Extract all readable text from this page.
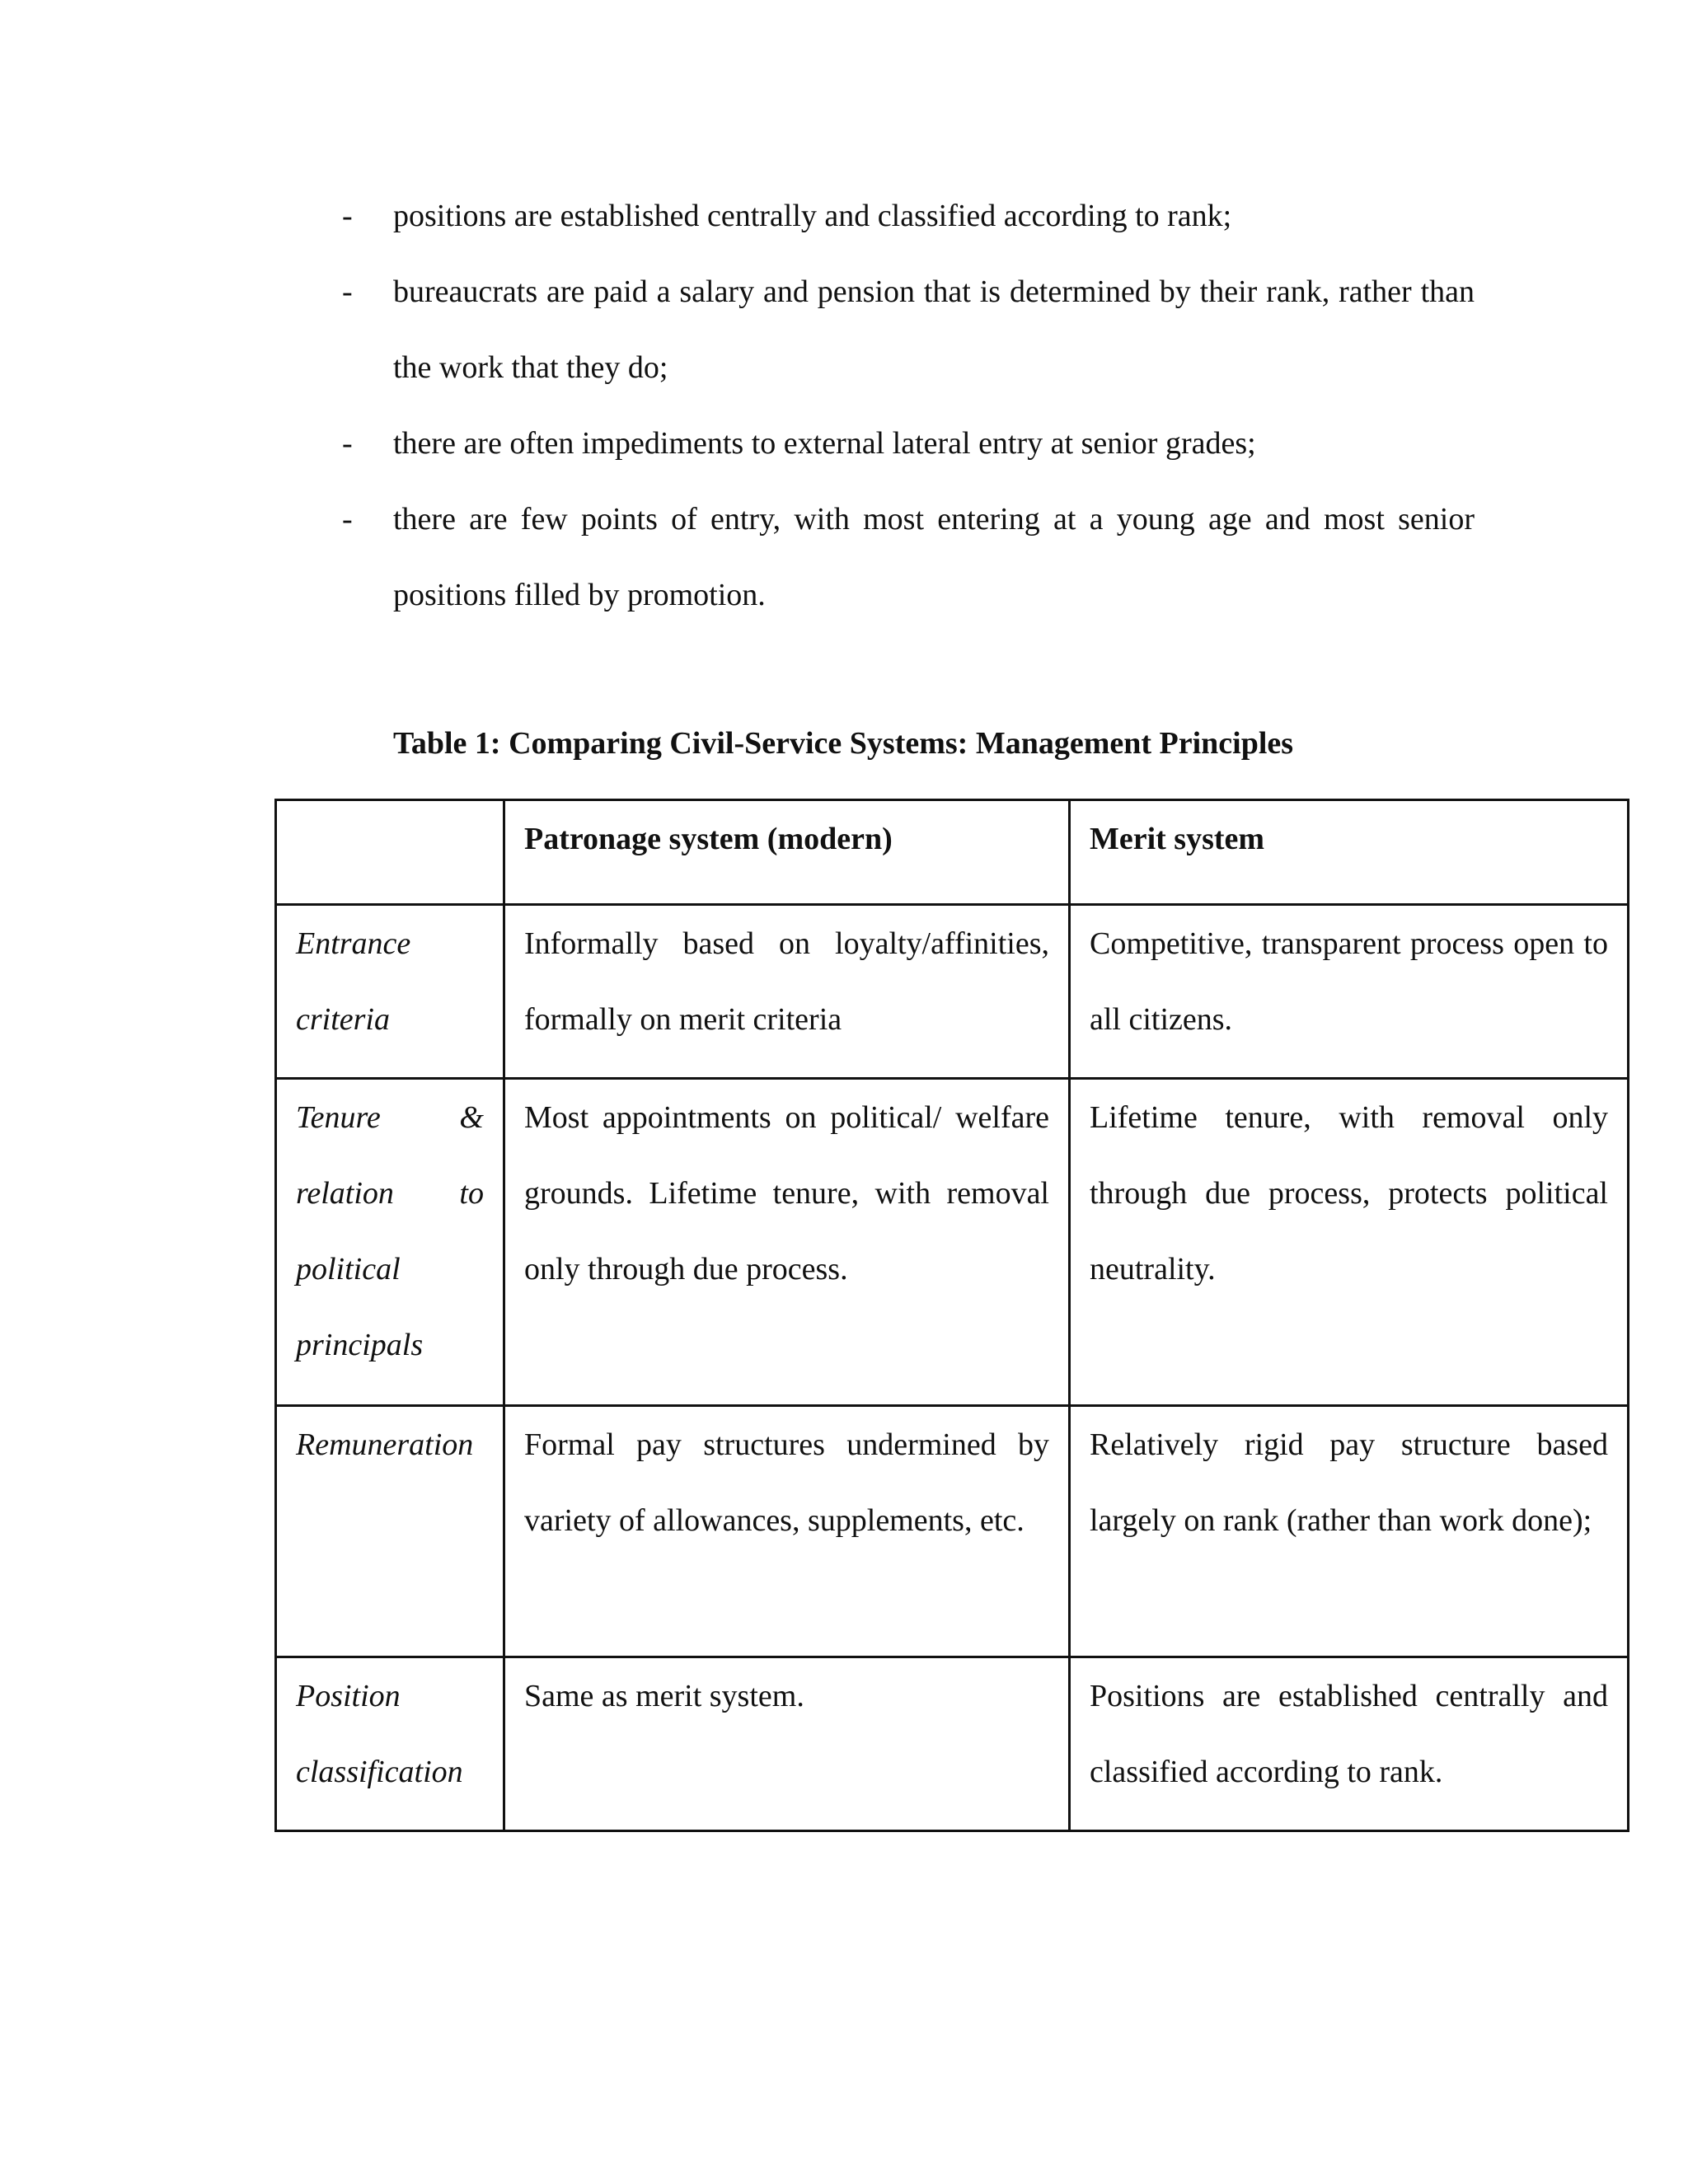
- positions are established centrally and classified according to rank;
- bureaucrats are paid a salary and pension that is determined by their rank, rather than the work that they do;
- there are often impediments to external lateral entry at senior grades;
- there are few points of entry, with most entering at a young age and most senior positions filled by promotion.
Table 1: Comparing Civil-Service Systems: Management Principles
	Patronage system (modern)	Merit system
Entrance criteria	Informally based on loyalty/affinities, formally on merit criteria	Competitive, transparent process open to all citizens.
Tenure & relation to political principals	Most appointments on political/ welfare grounds. Lifetime tenure, with removal only through due process.	Lifetime tenure, with removal only through due process, protects political neutrality.
Remuneration	Formal pay structures undermined by variety of allowances, supplements, etc.	Relatively rigid pay structure based largely on rank (rather than work done);
Position classification	Same as merit system.	Positions are established centrally and classified according to rank.
